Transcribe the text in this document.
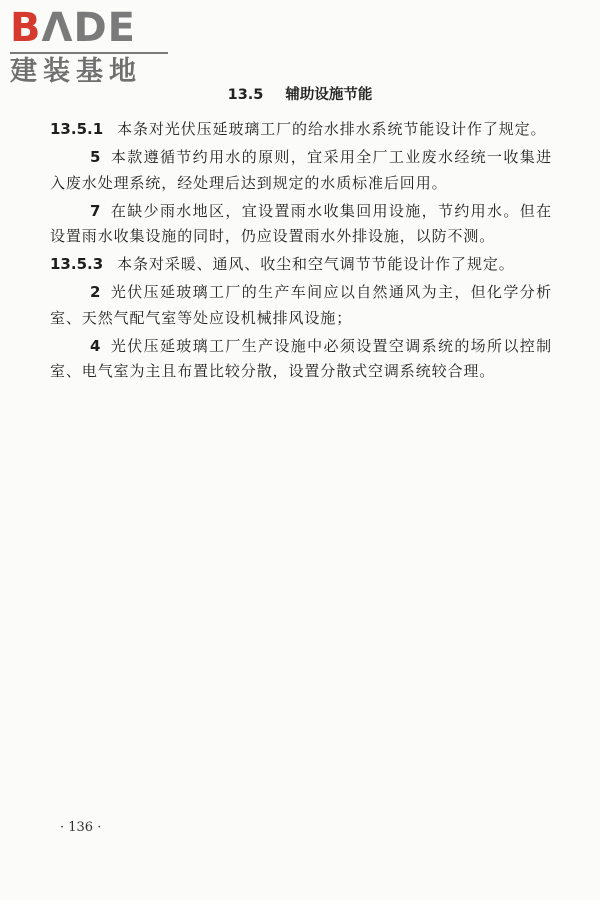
BΛDE
建装基地
13.5 辅助设施节能

13.5.1 本条对光伏压延玻璃工厂的给水排水系统节能设计作了规定。

5 本款遵循节约用水的原则，宜采用全厂工业废水经统一收集进入废水处理系统，经处理后达到规定的水质标准后回用。

7 在缺少雨水地区，宜设置雨水收集回用设施，节约用水。但在设置雨水收集设施的同时，仍应设置雨水外排设施，以防不测。

13.5.3 本条对采暖、通风、收尘和空气调节节能设计作了规定。

2 光伏压延玻璃工厂的生产车间应以自然通风为主，但化学分析室、天然气配气室等处应设机械排风设施；

4 光伏压延玻璃工厂生产设施中必须设置空调系统的场所以控制室、电气室为主且布置比较分散，设置分散式空调系统较合理。

· 136 ·
